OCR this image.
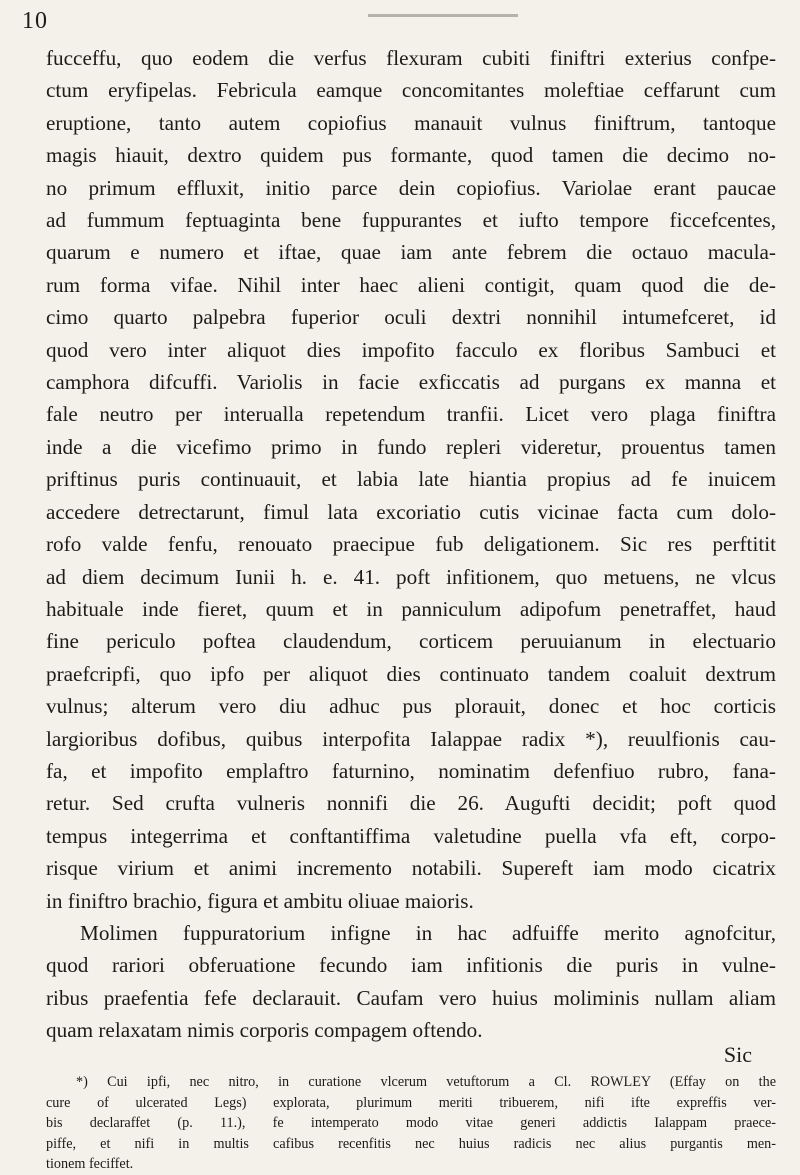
10
fucceffu, quo eodem die verfus flexuram cubiti finiftri exterius confpe-
ctum eryfipelas. Febricula eamque concomitantes moleftiae ceffarunt cum
eruptione, tanto autem copiofius manauit vulnus finiftrum, tantoque
magis hiauit, dextro quidem pus formante, quod tamen die decimo no-
no primum effluxit, initio parce dein copiofius. Variolae erant paucae
ad fummum feptuaginta bene fuppurantes et iufto tempore ficcefcentes,
quarum e numero et iftae, quae iam ante febrem die octauo macula-
rum forma vifae. Nihil inter haec alieni contigit, quam quod die de-
cimo quarto palpebra fuperior oculi dextri nonnihil intumefceret, id
quod vero inter aliquot dies impofito facculo ex floribus Sambuci et
camphora difcuffi. Variolis in facie exficcatis ad purgans ex manna et
fale neutro per interualla repetendum tranfii. Licet vero plaga finiftra
inde a die vicefimo primo in fundo repleri videretur, prouentus tamen
priftinus puris continuauit, et labia late hiantia propius ad fe inuicem
accedere detrectarunt, fimul lata excoriatio cutis vicinae facta cum dolo-
rofo valde fenfu, renouato praecipue fub deligationem. Sic res perftitit
ad diem decimum Iunii h. e. 41. poft infitionem, quo metuens, ne vlcus
habituale inde fieret, quum et in panniculum adipofum penetraffet, haud
fine periculo poftea claudendum, corticem peruuianum in electuario
praefcripfi, quo ipfo per aliquot dies continuato tandem coaluit dextrum
vulnus; alterum vero diu adhuc pus plorauit, donec et hoc corticis
largioribus dofibus, quibus interpofita Ialappae radix *), reuulfionis cau-
fa, et impofito emplaftro faturnino, nominatim defenfiuo rubro, fana-
retur. Sed crufta vulneris nonnifi die 26. Augufti decidit; poft quod
tempus integerrima et conftantiffima valetudine puella vfa eft, corpo-
risque virium et animi incremento notabili. Supereft iam modo cicatrix
in finiftro brachio, figura et ambitu oliuae maioris.
Molimen fuppuratorium infigne in hac adfuiffe merito agnofcitur,
quod rariori obferuatione fecundo iam infitionis die puris in vulne-
ribus praefentia fefe declarauit. Caufam vero huius moliminis nullam aliam
quam relaxatam nimis corporis compagem oftendo.
Sic
*) Cui ipfi, nec nitro, in curatione vlcerum vetuftorum a Cl. ROWLEY (Effay on the
cure of ulcerated Legs) explorata, plurimum meriti tribuerem, nifi ifte expreffis ver-
bis declaraffet (p. 11.), fe intemperato modo vitae generi addictis Ialappam praece-
piffe, et nifi in multis cafibus recenfitis nec huius radicis nec alius purgantis men-
tionem feciffet.
